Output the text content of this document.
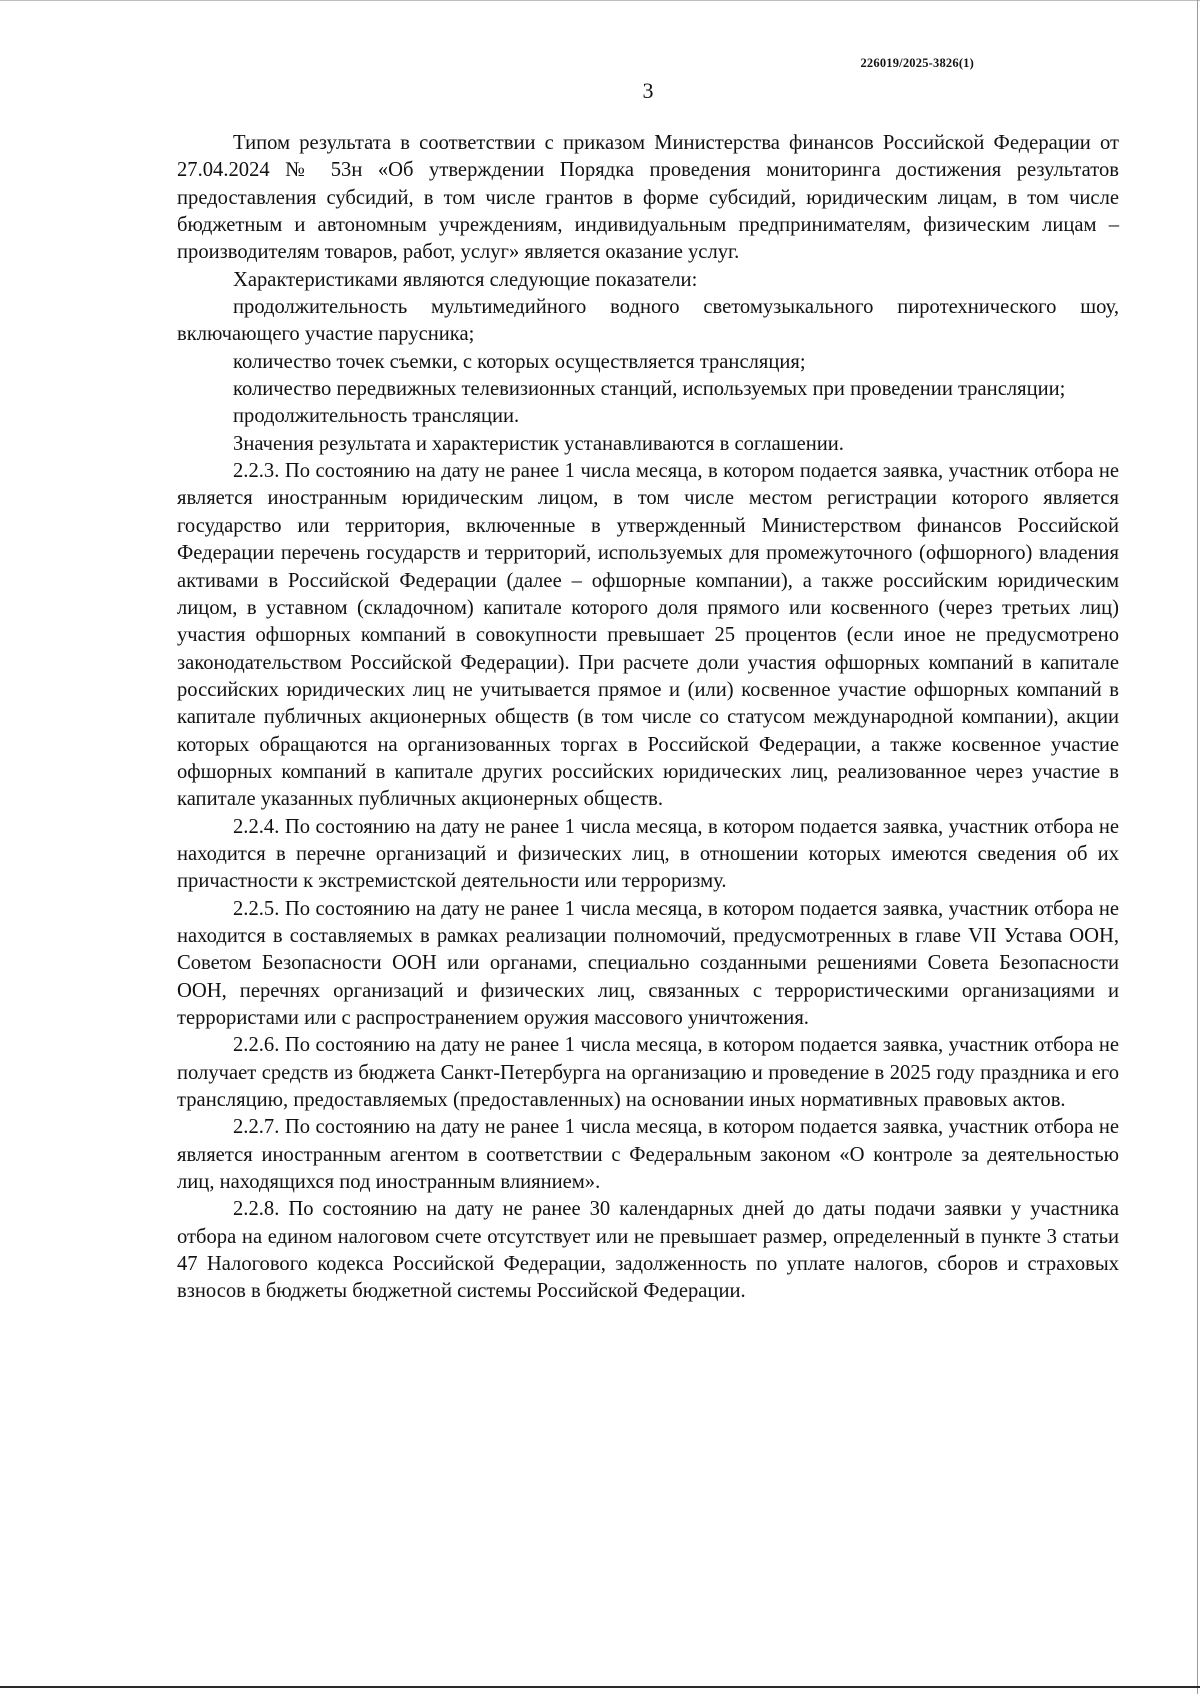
226019/2025-3826(1)
3

Типом результата в соответствии с приказом Министерства финансов Российской Федерации от 27.04.2024 № 53н «Об утверждении Порядка проведения мониторинга достижения результатов предоставления субсидий, в том числе грантов в форме субсидий, юридическим лицам, в том числе бюджетным и автономным учреждениям, индивидуальным предпринимателям, физическим лицам – производителям товаров, работ, услуг» является оказание услуг.

Характеристиками являются следующие показатели:

продолжительность мультимедийного водного светомузыкального пиротехнического шоу, включающего участие парусника;

количество точек съемки, с которых осуществляется трансляция;

количество передвижных телевизионных станций, используемых при проведении трансляции;

продолжительность трансляции.

Значения результата и характеристик устанавливаются в соглашении.

2.2.3. По состоянию на дату не ранее 1 числа месяца, в котором подается заявка, участник отбора не является иностранным юридическим лицом, в том числе местом регистрации которого является государство или территория, включенные в утвержденный Министерством финансов Российской Федерации перечень государств и территорий, используемых для промежуточного (офшорного) владения активами в Российской Федерации (далее – офшорные компании), а также российским юридическим лицом, в уставном (складочном) капитале которого доля прямого или косвенного (через третьих лиц) участия офшорных компаний в совокупности превышает 25 процентов (если иное не предусмотрено законодательством Российской Федерации). При расчете доли участия офшорных компаний в капитале российских юридических лиц не учитывается прямое и (или) косвенное участие офшорных компаний в капитале публичных акционерных обществ (в том числе со статусом международной компании), акции которых обращаются на организованных торгах в Российской Федерации, а также косвенное участие офшорных компаний в капитале других российских юридических лиц, реализованное через участие в капитале указанных публичных акционерных обществ.

2.2.4. По состоянию на дату не ранее 1 числа месяца, в котором подается заявка, участник отбора не находится в перечне организаций и физических лиц, в отношении которых имеются сведения об их причастности к экстремистской деятельности или терроризму.

2.2.5. По состоянию на дату не ранее 1 числа месяца, в котором подается заявка, участник отбора не находится в составляемых в рамках реализации полномочий, предусмотренных в главе VII Устава ООН, Советом Безопасности ООН или органами, специально созданными решениями Совета Безопасности ООН, перечнях организаций и физических лиц, связанных с террористическими организациями и террористами или с распространением оружия массового уничтожения.

2.2.6. По состоянию на дату не ранее 1 числа месяца, в котором подается заявка, участник отбора не получает средств из бюджета Санкт-Петербурга на организацию и проведение в 2025 году праздника и его трансляцию, предоставляемых (предоставленных) на основании иных нормативных правовых актов.

2.2.7. По состоянию на дату не ранее 1 числа месяца, в котором подается заявка, участник отбора не является иностранным агентом в соответствии с Федеральным законом «О контроле за деятельностью лиц, находящихся под иностранным влиянием».

2.2.8. По состоянию на дату не ранее 30 календарных дней до даты подачи заявки у участника отбора на едином налоговом счете отсутствует или не превышает размер, определенный в пункте 3 статьи 47 Налогового кодекса Российской Федерации, задолженность по уплате налогов, сборов и страховых взносов в бюджеты бюджетной системы Российской Федерации.
